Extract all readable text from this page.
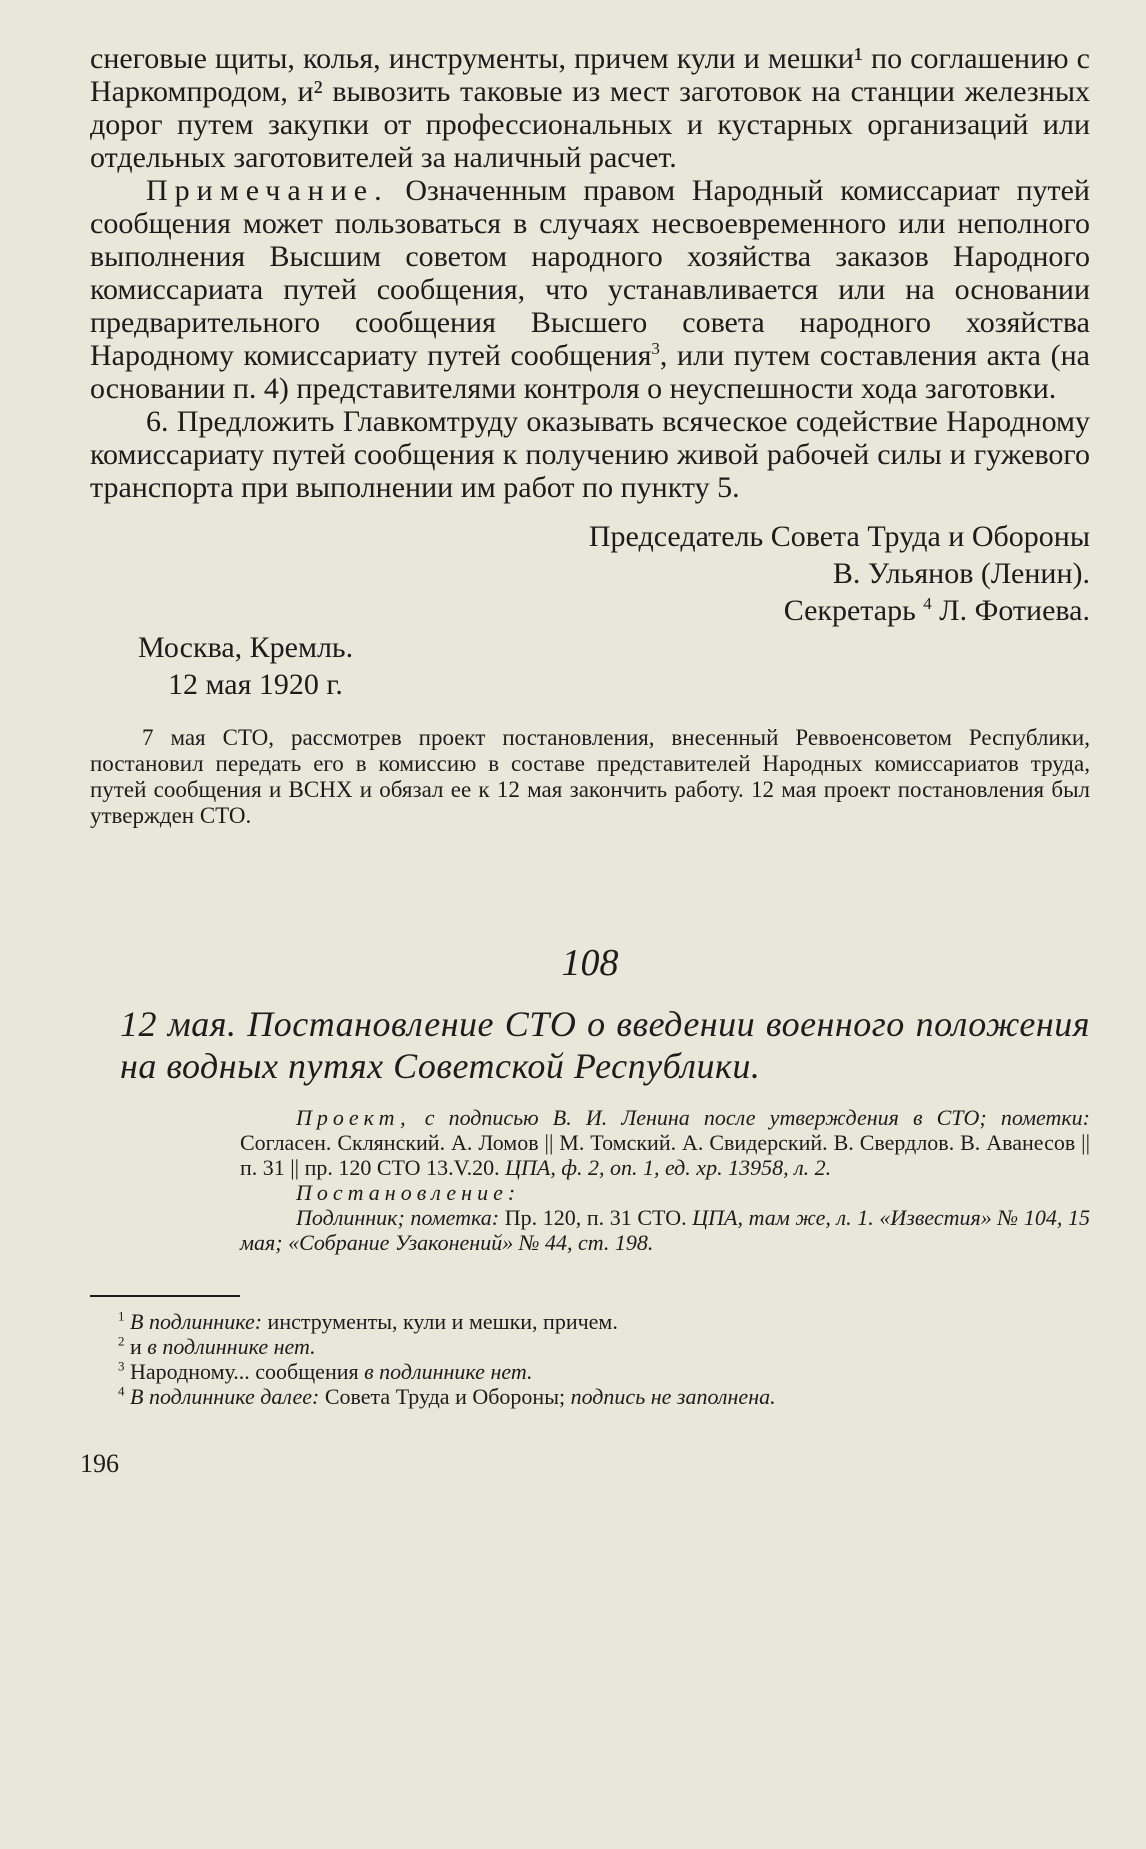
снеговые щиты, колья, инструменты, причем кули и мешки¹ по соглашению с Наркомпродом, и² вывозить таковые из мест заготовок на станции железных дорог путем закупки от профессиональных и кустарных организаций или отдельных заготовителей за наличный расчет.

Примечание. Означенным правом Народный комиссариат путей сообщения может пользоваться в случаях несвоевременного или неполного выполнения Высшим советом народного хозяйства заказов Народного комиссариата путей сообщения, что устанавливается или на основании предварительного сообщения Высшего совета народного хозяйства Народному комиссариату путей сообщения$^3$, или путем составления акта (на основании п. 4) представителями контроля о неуспешности хода заготовки.

6. Предложить Главкомтруду оказывать всяческое содействие Народному комиссариату путей сообщения к получению живой рабочей силы и гужевого транспорта при выполнении им работ по пункту 5.

Председатель Совета Труда и Обороны

В. Ульянов (Ленин).

Секретарь $^4$ Л. Фотиева.

Москва, Кремль.

12 мая 1920 г.

7 мая СТО, рассмотрев проект постановления, внесенный Реввоенсоветом Республики, постановил передать его в комиссию в составе представителей Народных комиссариатов труда, путей сообщения и ВСНХ и обязал ее к 12 мая закончить работу. 12 мая проект постановления был утвержден СТО.

108
12 мая. Постановление СТО о введении военного положения на водных путях Советской Республики.

Проект, с подписью В. И. Ленина после утверждения в СТО; пометки: Согласен. Склянский. А. Ломов || М. Томский. А. Свидерский. В. Свердлов. В. Аванесов || п. 31 || пр. 120 СТО 13.V.20. ЦПА, ф. 2, оп. 1, ед. хр. 13958, л. 2.

Постановление:

Подлинник; пометка: Пр. 120, п. 31 СТО. ЦПА, там же, л. 1. «Известия» № 104, 15 мая; «Собрание Узаконений» № 44, ст. 198.

$^1$ В подлиннике: инструменты, кули и мешки, причем.

$^2$ и в подлиннике нет.

$^3$ Народному... сообщения в подлиннике нет.

$^4$ В подлиннике далее: Совета Труда и Обороны; подпись не заполнена.

196
